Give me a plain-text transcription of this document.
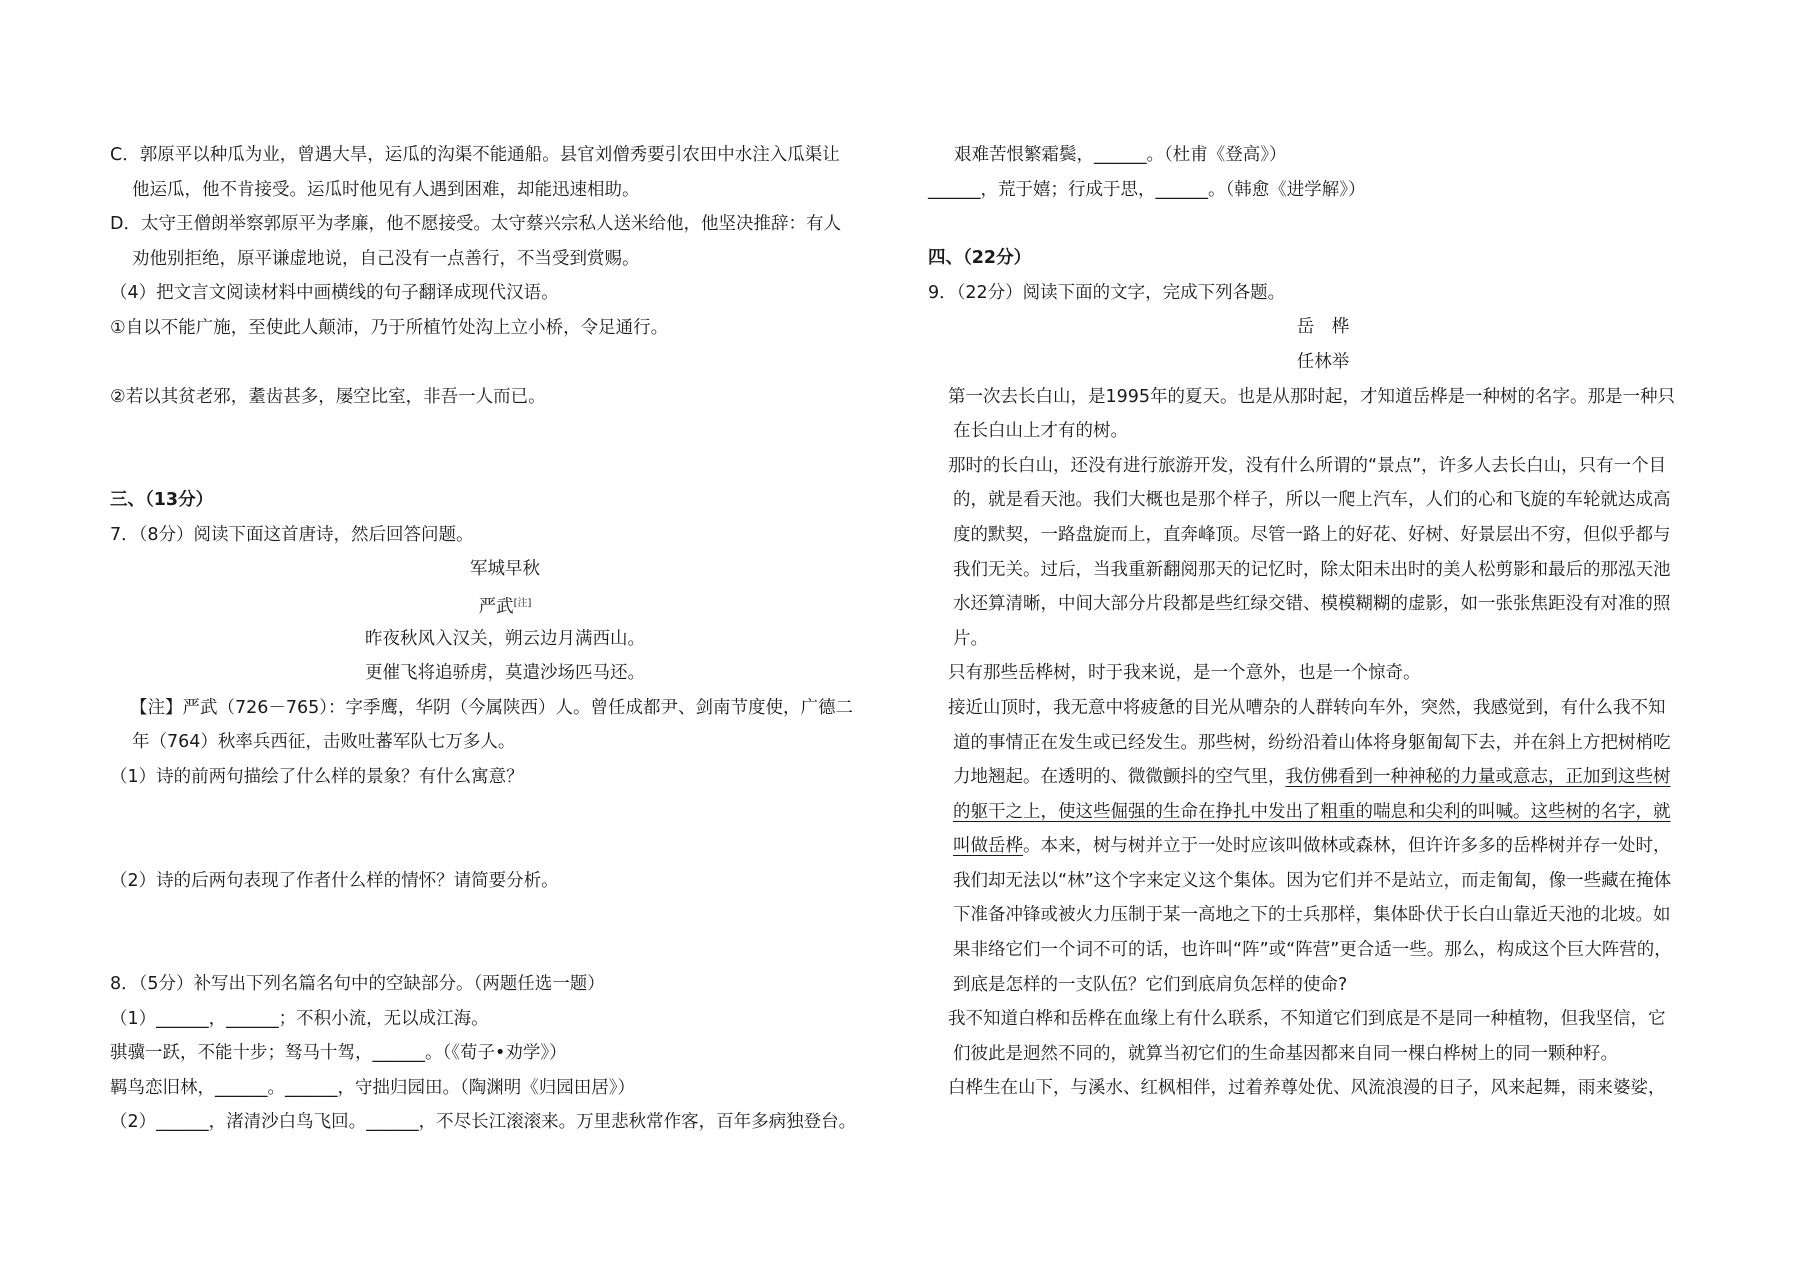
C．郭原平以种瓜为业，曾遇大旱，运瓜的沟渠不能通船。县官刘僧秀要引农田中水注入瓜渠让
他运瓜，他不肯接受。运瓜时他见有人遇到困难，却能迅速相助。
D．太守王僧朗举察郭原平为孝廉，他不愿接受。太守蔡兴宗私人送米给他，他坚决推辞：有人
劝他别拒绝，原平谦虚地说，自己没有一点善行，不当受到赏赐。
（4）把文言文阅读材料中画横线的句子翻译成现代汉语。
①自以不能广施，至使此人颠沛，乃于所植竹处沟上立小桥，令足通行。
②若以其贫老邪，耋齿甚多，屡空比室，非吾一人而已。
三、（13分）
7．（8分）阅读下面这首唐诗，然后回答问题。
军城早秋
严武[注]
昨夜秋风入汉关，朔云边月满西山。
更催飞将追骄虏，莫遣沙场匹马还。
【注】严武（726－765）：字季鹰，华阴（今属陕西）人。曾任成都尹、剑南节度使，广德二
年（764）秋率兵西征，击败吐蕃军队七万多人。
（1）诗的前两句描绘了什么样的景象？有什么寓意？
（2）诗的后两句表现了作者什么样的情怀？请简要分析。
8．（5分）补写出下列名篇名句中的空缺部分。（两题任选一题）
（1）______，______；不积小流，无以成江海。
骐骥一跃，不能十步；驽马十驾，______。（《荀子•劝学》）
羁鸟恋旧林，______。______，守拙归园田。（陶渊明《归园田居》）
（2）______，渚清沙白鸟飞回。______，不尽长江滚滚来。万里悲秋常作客，百年多病独登台。
艰难苦恨繁霜鬓，______。（杜甫《登高》）
______，荒于嬉；行成于思，______。（韩愈《进学解》）
四、（22分）
9．（22分）阅读下面的文字，完成下列各题。
岳　桦
任林举
第一次去长白山，是1995年的夏天。也是从那时起，才知道岳桦是一种树的名字。那是一种只
在长白山上才有的树。
那时的长白山，还没有进行旅游开发，没有什么所谓的“景点”，许多人去长白山，只有一个目
的，就是看天池。我们大概也是那个样子，所以一爬上汽车，人们的心和飞旋的车轮就达成高
度的默契，一路盘旋而上，直奔峰顶。尽管一路上的好花、好树、好景层出不穷，但似乎都与
我们无关。过后，当我重新翻阅那天的记忆时，除太阳未出时的美人松剪影和最后的那泓天池
水还算清晰，中间大部分片段都是些红绿交错、模模糊糊的虚影，如一张张焦距没有对准的照
片。
只有那些岳桦树，时于我来说，是一个意外，也是一个惊奇。
接近山顶时，我无意中将疲惫的目光从嘈杂的人群转向车外，突然，我感觉到，有什么我不知
道的事情正在发生或已经发生。那些树，纷纷沿着山体将身躯匍匐下去，并在斜上方把树梢吃
力地翘起。在透明的、微微颤抖的空气里，我仿佛看到一种神秘的力量或意志，正加到这些树
的躯干之上，使这些倔强的生命在挣扎中发出了粗重的喘息和尖利的叫喊。这些树的名字，就
叫做岳桦。本来，树与树并立于一处时应该叫做林或森林，但许许多多的岳桦树并存一处时，
我们却无法以“林”这个字来定义这个集体。因为它们并不是站立，而走匍匐，像一些藏在掩体
下准备冲锋或被火力压制于某一高地之下的士兵那样，集体卧伏于长白山靠近天池的北坡。如
果非络它们一个词不可的话，也许叫“阵”或“阵营”更合适一些。那么，构成这个巨大阵营的，
到底是怎样的一支队伍？它们到底肩负怎样的使命?
我不知道白桦和岳桦在血缘上有什么联系，不知道它们到底是不是同一种植物，但我坚信，它
们彼此是迥然不同的，就算当初它们的生命基因都来自同一棵白桦树上的同一颗种籽。
白桦生在山下，与溪水、红枫相伴，过着养尊处优、风流浪漫的日子，风来起舞，雨来婆娑，
